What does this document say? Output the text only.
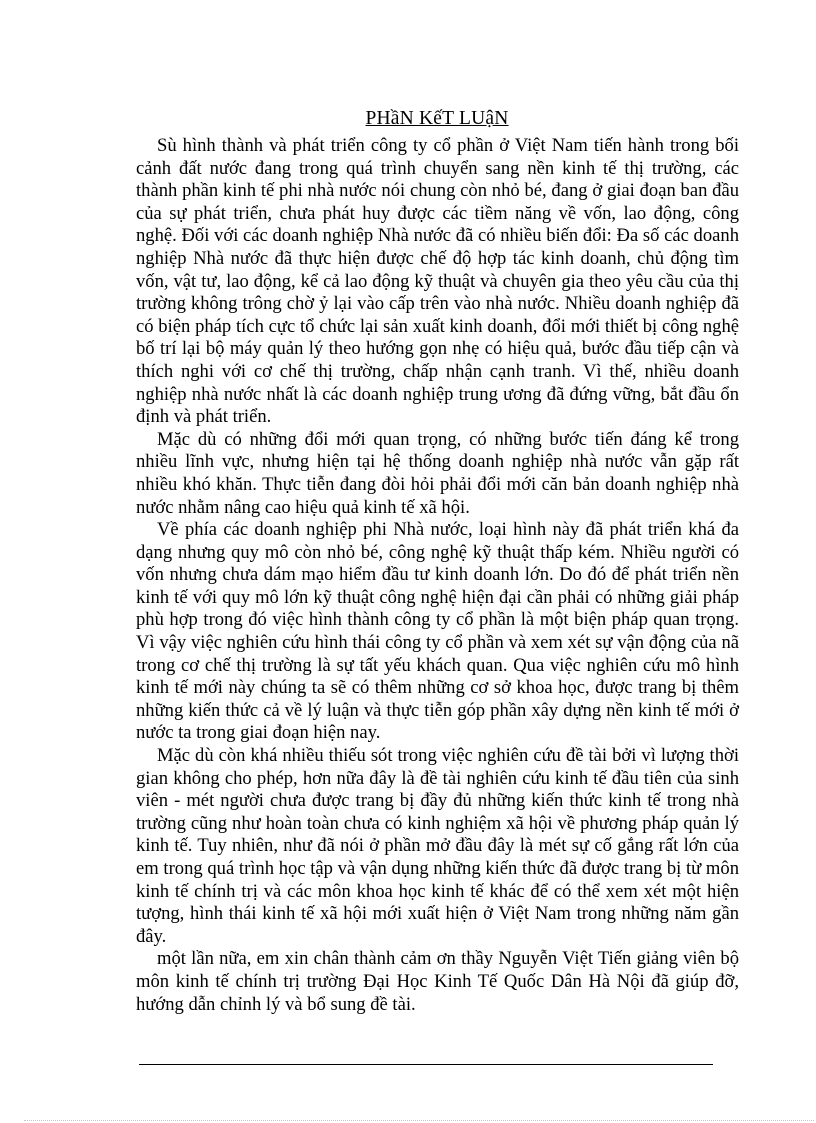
PHầN KếT LUậN

Sù hình thành và phát triển công ty cổ phần ở Việt Nam tiến hành trong bối cảnh đất nước đang trong quá trình chuyển sang nền kinh tế thị trường, các thành phần kinh tế phi nhà nước nói chung còn nhỏ bé, đang ở giai đoạn ban đầu của sự phát triển, chưa phát huy được các tiềm năng về vốn, lao động, công nghệ. Đối với các doanh nghiệp Nhà nước đã có nhiều biến đổi: Đa số các doanh nghiệp Nhà nước đã thực hiện được chế độ hợp tác kinh doanh, chủ động tìm vốn, vật tư, lao động, kể cả lao động kỹ thuật và chuyên gia theo yêu cầu của thị trường không trông chờ ỷ lại vào cấp trên vào nhà nước. Nhiều doanh nghiệp đã có biện pháp tích cực tổ chức lại sản xuất kinh doanh, đổi mới thiết bị công nghệ bố trí lại bộ máy quản lý theo hướng gọn nhẹ có hiệu quả, bước đầu tiếp cận và thích nghi với cơ chế thị trường, chấp nhận cạnh tranh. Vì thế, nhiều doanh nghiệp nhà nước nhất là các doanh nghiệp trung ương đã đứng vững, bắt đầu ổn định và phát triển.

Mặc dù có những đổi mới quan trọng, có những bước tiến đáng kể trong nhiều lĩnh vực, nhưng hiện tại hệ thống doanh nghiệp nhà nước vẫn gặp rất nhiều khó khăn. Thực tiễn đang đòi hỏi phải đổi mới căn bản doanh nghiệp nhà nước nhằm nâng cao hiệu quả kinh tế xã hội.

Về phía các doanh nghiệp phi Nhà nước, loại hình này đã phát triển khá đa dạng nhưng quy mô còn nhỏ bé, công nghệ kỹ thuật thấp kém. Nhiều người có vốn nhưng chưa dám mạo hiểm đầu tư kinh doanh lớn. Do đó để phát triển nền kinh tế với quy mô lớn kỹ thuật công nghệ hiện đại cần phải có những giải pháp phù hợp trong đó việc hình thành công ty cổ phần là một biện pháp quan trọng. Vì vậy việc nghiên cứu hình thái công ty cổ phần và xem xét sự vận động của nã trong cơ chế thị trường là sự tất yếu khách quan. Qua việc nghiên cứu mô hình kinh tế mới này chúng ta sẽ có thêm những cơ sở khoa học, được trang bị thêm những kiến thức cả về lý luận và thực tiễn góp phần xây dựng nền kinh tế mới ở nước ta trong giai đoạn hiện nay.

Mặc dù còn khá nhiều thiếu sót trong việc nghiên cứu đề tài bởi vì lượng thời gian không cho phép, hơn nữa đây là đề tài nghiên cứu kinh tế đầu tiên của sinh viên - mét người chưa được trang bị đầy đủ những kiến thức kinh tế trong nhà trường cũng như hoàn toàn chưa có kinh nghiệm xã hội về phương pháp quản lý kinh tế. Tuy nhiên, như đã nói ở phần mở đầu đây là mét sự cố gắng rất lớn của em trong quá trình học tập và vận dụng những kiến thức đã được trang bị từ môn kinh tế chính trị và các môn khoa học kinh tế khác để có thể xem xét một hiện tượng, hình thái kinh tế xã hội mới xuất hiện ở Việt Nam trong những năm gần đây.

một lần nữa, em xin chân thành cảm ơn thầy Nguyễn Việt Tiến giảng viên bộ môn kinh tế chính trị trường Đại Học Kinh Tế Quốc Dân Hà Nội đã giúp đỡ, hướng dẫn chỉnh lý và bổ sung đề tài.
